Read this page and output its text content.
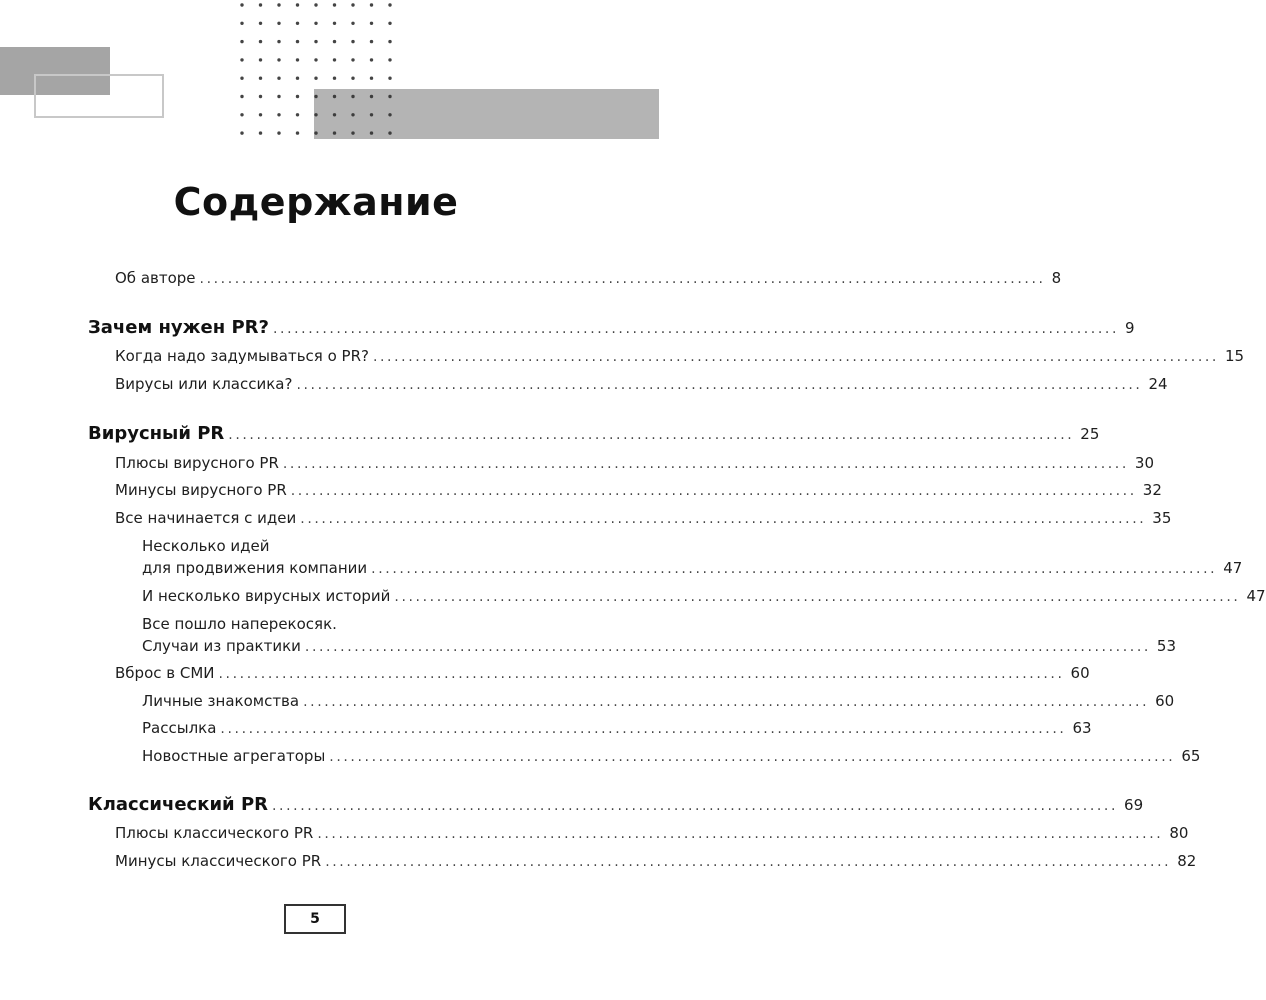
Содержание
Об авторе ........................................................................................................................ 8
Зачем нужен PR? ........................................................................................................................ 9
Когда надо задумываться о PR? ........................................................................................................................ 15
Вирусы или классика? ........................................................................................................................ 24
Вирусный PR ........................................................................................................................ 25
Плюсы вирусного PR ........................................................................................................................ 30
Минусы вирусного PR ........................................................................................................................ 32
Все начинается с идеи ........................................................................................................................ 35
Несколько идей
для продвижения компании ........................................................................................................................ 47
И несколько вирусных историй ........................................................................................................................ 47
Все пошло наперекосяк.
Случаи из практики ........................................................................................................................ 53
Вброс в СМИ ........................................................................................................................ 60
Личные знакомства ........................................................................................................................ 60
Рассылка ........................................................................................................................ 63
Новостные агрегаторы ........................................................................................................................ 65
Классический PR ........................................................................................................................ 69
Плюсы классического PR ........................................................................................................................ 80
Минусы классического PR ........................................................................................................................ 82
5
